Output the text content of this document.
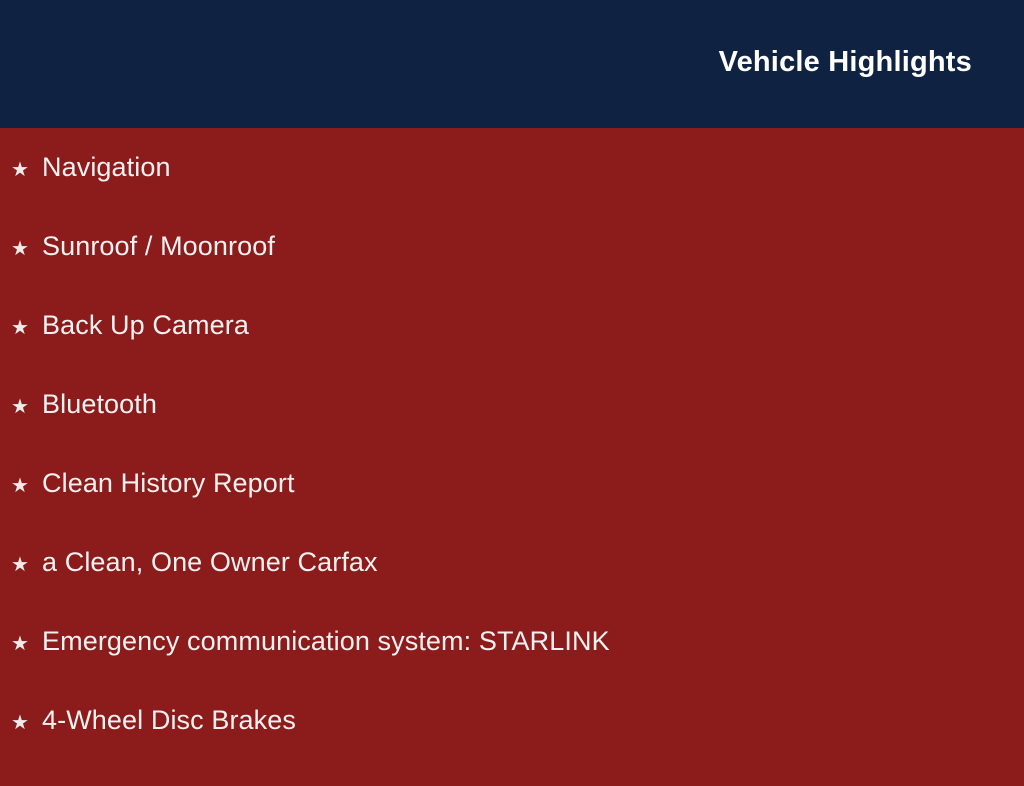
Vehicle Highlights
★ Navigation
★ Sunroof / Moonroof
★ Back Up Camera
★ Bluetooth
★ Clean History Report
★ a Clean, One Owner Carfax
★ Emergency communication system: STARLINK
★ 4-Wheel Disc Brakes
